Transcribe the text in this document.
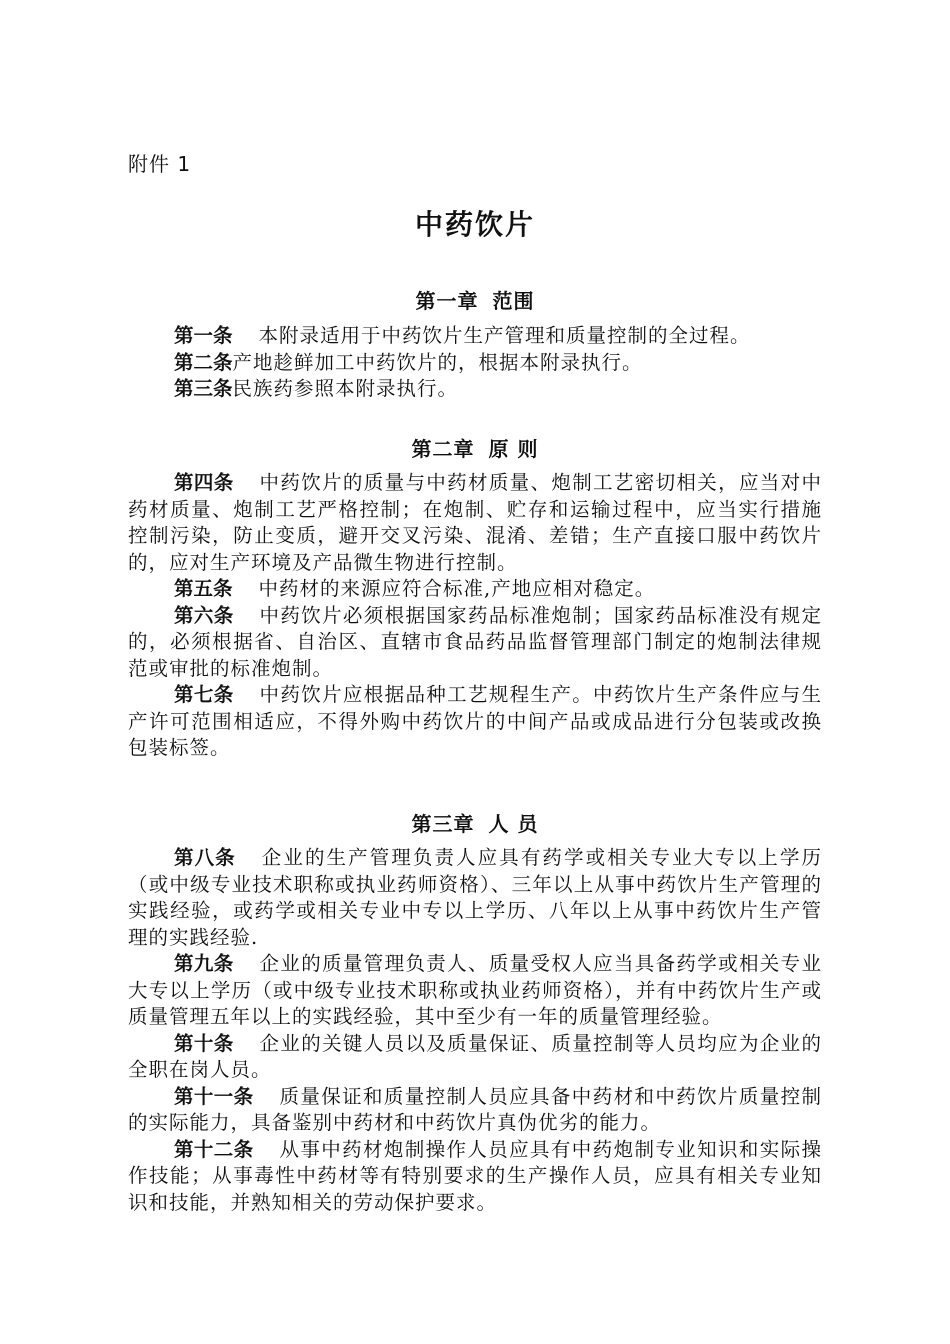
附件 1
中药饮片
第一章 范围

第一条 本附录适用于中药饮片生产管理和质量控制的全过程。

第二条产地趁鲜加工中药饮片的，根据本附录执行。

第三条民族药参照本附录执行。

第二章 原 则

第四条 中药饮片的质量与中药材质量、炮制工艺密切相关，应当对中药材质量、炮制工艺严格控制；在炮制、贮存和运输过程中，应当实行措施控制污染，防止变质，避开交叉污染、混淆、差错；生产直接口服中药饮片的，应对生产环境及产品微生物进行控制。

第五条 中药材的来源应符合标准,产地应相对稳定。

第六条 中药饮片必须根据国家药品标准炮制；国家药品标准没有规定的，必须根据省、自治区、直辖市食品药品监督管理部门制定的炮制法律规范或审批的标准炮制。

第七条 中药饮片应根据品种工艺规程生产。中药饮片生产条件应与生产许可范围相适应，不得外购中药饮片的中间产品或成品进行分包装或改换包装标签。

第三章 人 员

第八条 企业的生产管理负责人应具有药学或相关专业大专以上学历（或中级专业技术职称或执业药师资格）、三年以上从事中药饮片生产管理的实践经验，或药学或相关专业中专以上学历、八年以上从事中药饮片生产管理的实践经验.

第九条 企业的质量管理负责人、质量受权人应当具备药学或相关专业大专以上学历（或中级专业技术职称或执业药师资格），并有中药饮片生产或质量管理五年以上的实践经验，其中至少有一年的质量管理经验。

第十条 企业的关键人员以及质量保证、质量控制等人员均应为企业的全职在岗人员。

第十一条 质量保证和质量控制人员应具备中药材和中药饮片质量控制的实际能力，具备鉴别中药材和中药饮片真伪优劣的能力。

第十二条 从事中药材炮制操作人员应具有中药炮制专业知识和实际操作技能；从事毒性中药材等有特别要求的生产操作人员，应具有相关专业知识和技能，并熟知相关的劳动保护要求。
